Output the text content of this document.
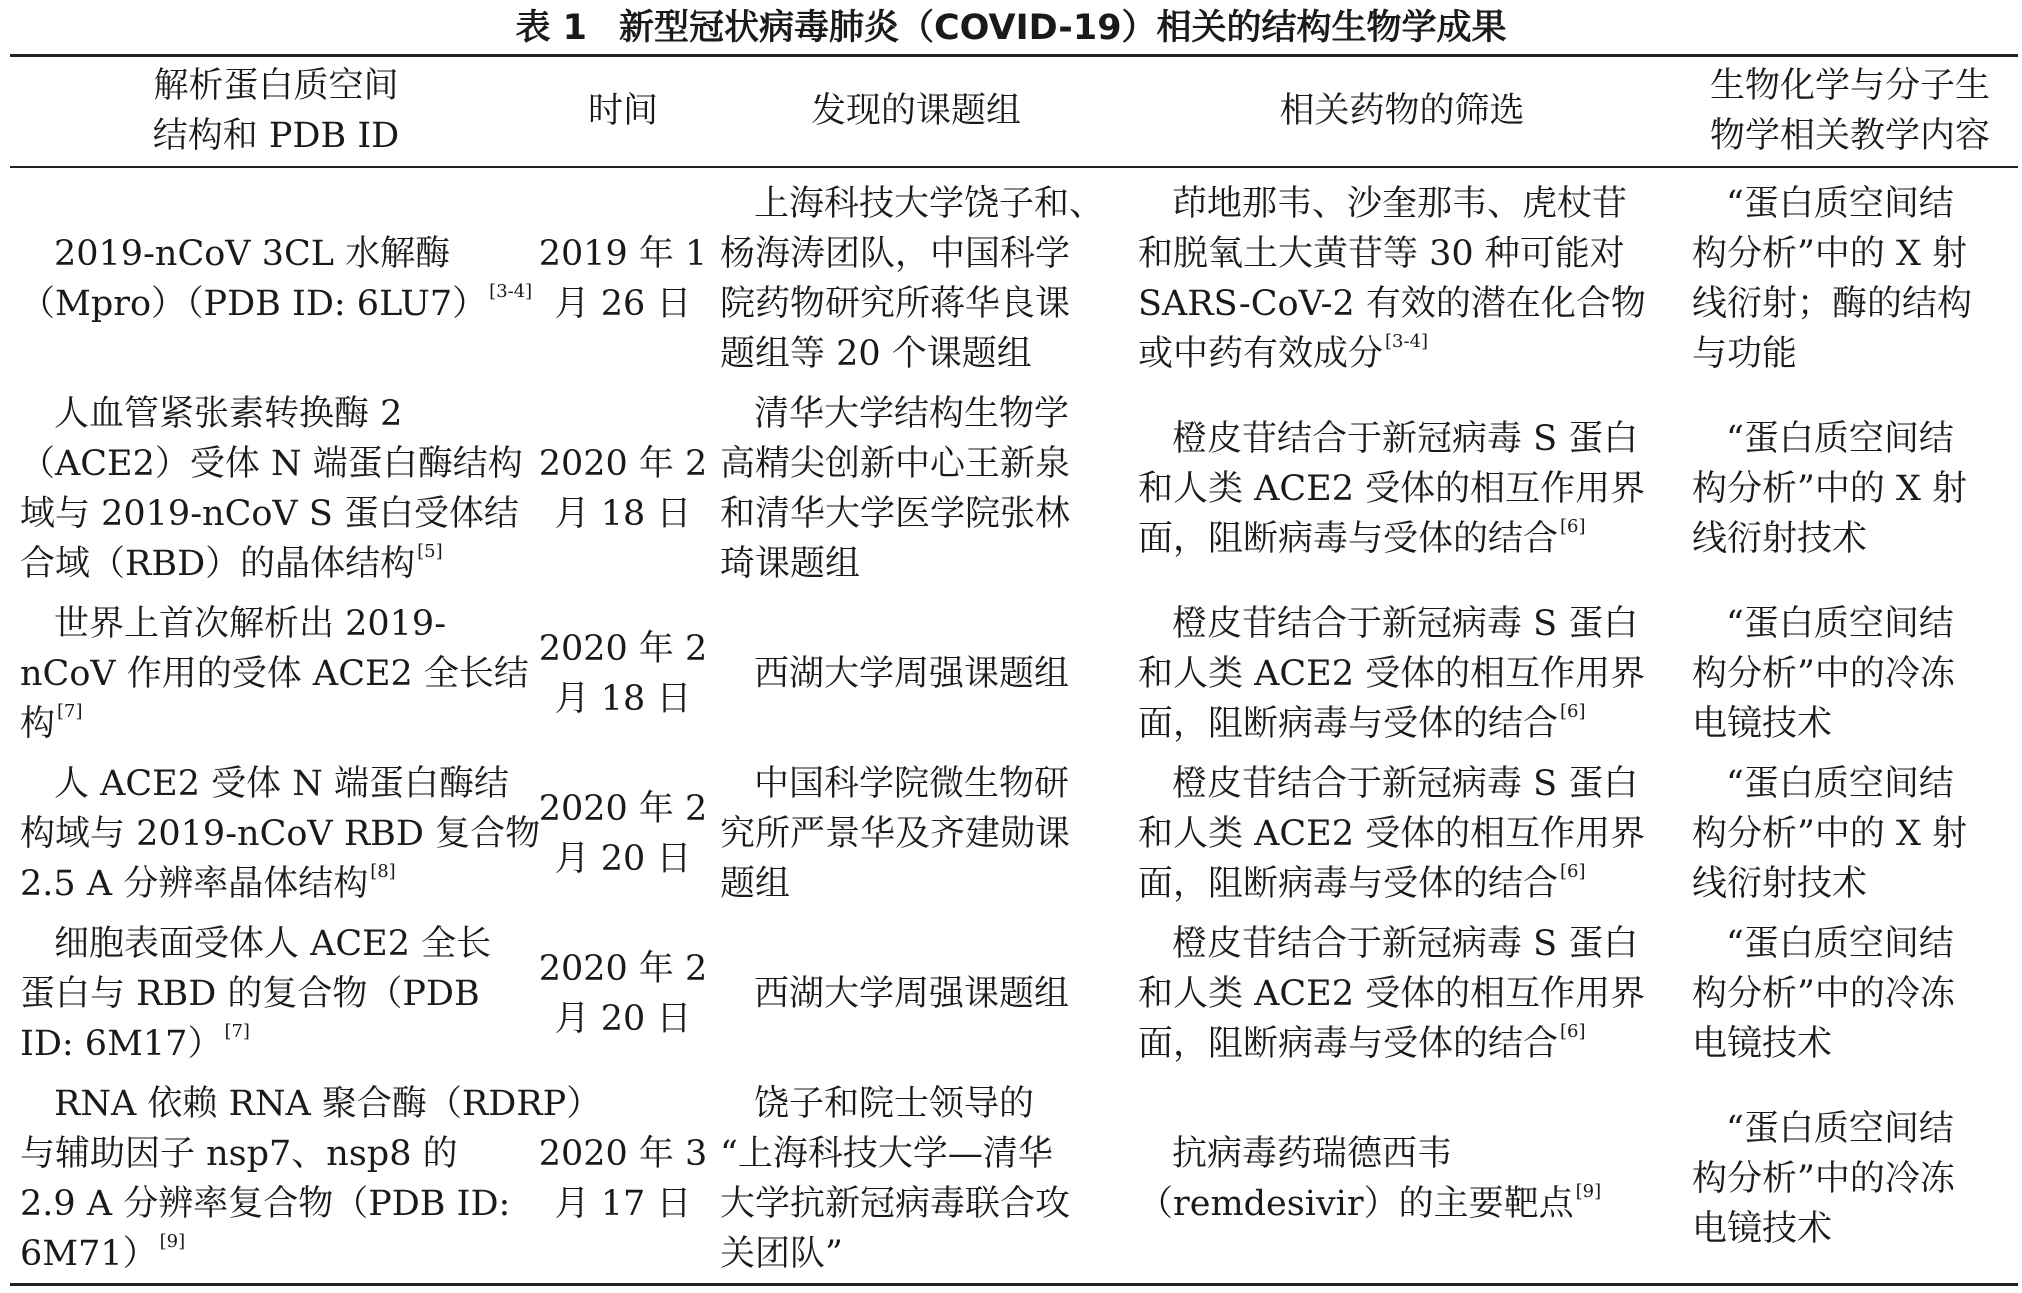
表 1 新型冠状病毒肺炎（COVID-19）相关的结构生物学成果
解析蛋白质空间
结构和 PDB ID
时间	发现的课题组	相关药物的筛选
生物化学与分子生
物学相关教学内容
2019-nCoV 3CL 水解酶
（Mpro）（PDB ID: 6LU7） [3-4]
2019 年 1
月 26 日
上海科技大学饶子和、
杨海涛团队，中国科学
院药物研究所蒋华良课
题组等 20 个课题组
茚地那韦、沙奎那韦、虎杖苷
和脱氧土大黄苷等 30 种可能对
SARS-CoV-2 有效的潜在化合物
或中药有效成分 [3-4]
“蛋白质空间结
构分析”中的 X 射
线衍射；酶的结构
与功能
人血管紧张素转换酶 2
（ACE2）受体 N 端蛋白酶结构
域与 2019-nCoV S 蛋白受体结
合域（RBD）的晶体结构 [5]
2020 年 2
月 18 日
清华大学结构生物学
高精尖创新中心王新泉
和清华大学医学院张林
琦课题组
橙皮苷结合于新冠病毒 S 蛋白
和人类 ACE2 受体的相互作用界
面，阻断病毒与受体的结合 [6]
“蛋白质空间结
构分析”中的 X 射
线衍射技术
世界上首次解析出 2019-
nCoV 作用的受体 ACE2 全长结
构 [7]
2020 年 2
月 18 日
西湖大学周强课题组
橙皮苷结合于新冠病毒 S 蛋白
和人类 ACE2 受体的相互作用界
面，阻断病毒与受体的结合 [6]
“蛋白质空间结
构分析”中的冷冻
电镜技术
人 ACE2 受体 N 端蛋白酶结
构域与 2019-nCoV RBD 复合物
2.5 A 分辨率晶体结构 [8]
2020 年 2
月 20 日
中国科学院微生物研
究所严景华及齐建勋课
题组
橙皮苷结合于新冠病毒 S 蛋白
和人类 ACE2 受体的相互作用界
面，阻断病毒与受体的结合 [6]
“蛋白质空间结
构分析”中的 X 射
线衍射技术
细胞表面受体人 ACE2 全长
蛋白与 RBD 的复合物（PDB
ID: 6M17） [7]
2020 年 2
月 20 日
西湖大学周强课题组
橙皮苷结合于新冠病毒 S 蛋白
和人类 ACE2 受体的相互作用界
面，阻断病毒与受体的结合 [6]
“蛋白质空间结
构分析”中的冷冻
电镜技术
RNA 依赖 RNA 聚合酶（RDRP）
与辅助因子 nsp7、nsp8 的
2.9 A 分辨率复合物（PDB ID:
6M71） [9]
2020 年 3
月 17 日
饶子和院士领导的
“上海科技大学—清华
大学抗新冠病毒联合攻
关团队”
抗病毒药瑞德西韦
（remdesivir）的主要靶点 [9]
“蛋白质空间结
构分析”中的冷冻
电镜技术
